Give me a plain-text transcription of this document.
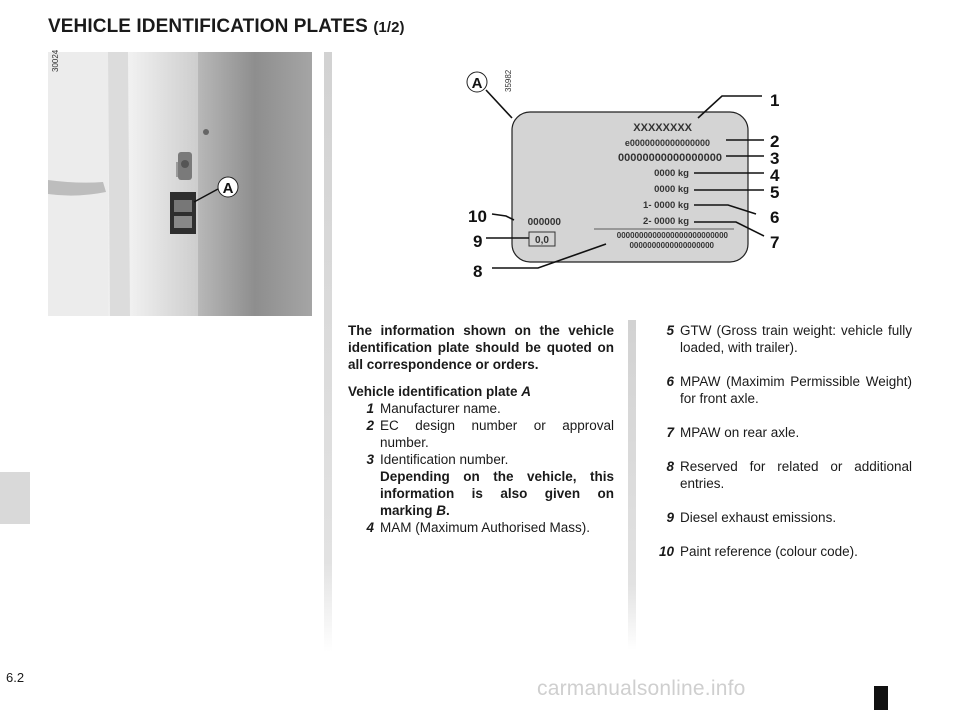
VEHICLE IDENTIFICATION PLATES (1/2)
A
30024
XXXXXXXX
e0000000000000000
00000000000000000
0000 kg
0000 kg
1- 0000 kg
2- 0000 kg
0000000000000000000000000
0000000000000000000
000000
0,0
A
1
2
3
4
5
6
7
8
9
10
35982

The information shown on the vehicle identification plate should be quoted on all correspondence or orders.

Vehicle identification plate A

1 Manufacturer name.
2 EC design number or approval number.
3 Identification number.
Depending on the vehicle, this information is also given on marking B.
4 MAM (Maximum Authorised Mass).
5 GTW (Gross train weight: vehicle fully loaded, with trailer).
6 MPAW (Maximim Permissible Weight) for front axle.
7 MPAW on rear axle.
8 Reserved for related or additional entries.
9 Diesel exhaust emissions.
10 Paint reference (colour code).
6.2	carmanualsonline.info
